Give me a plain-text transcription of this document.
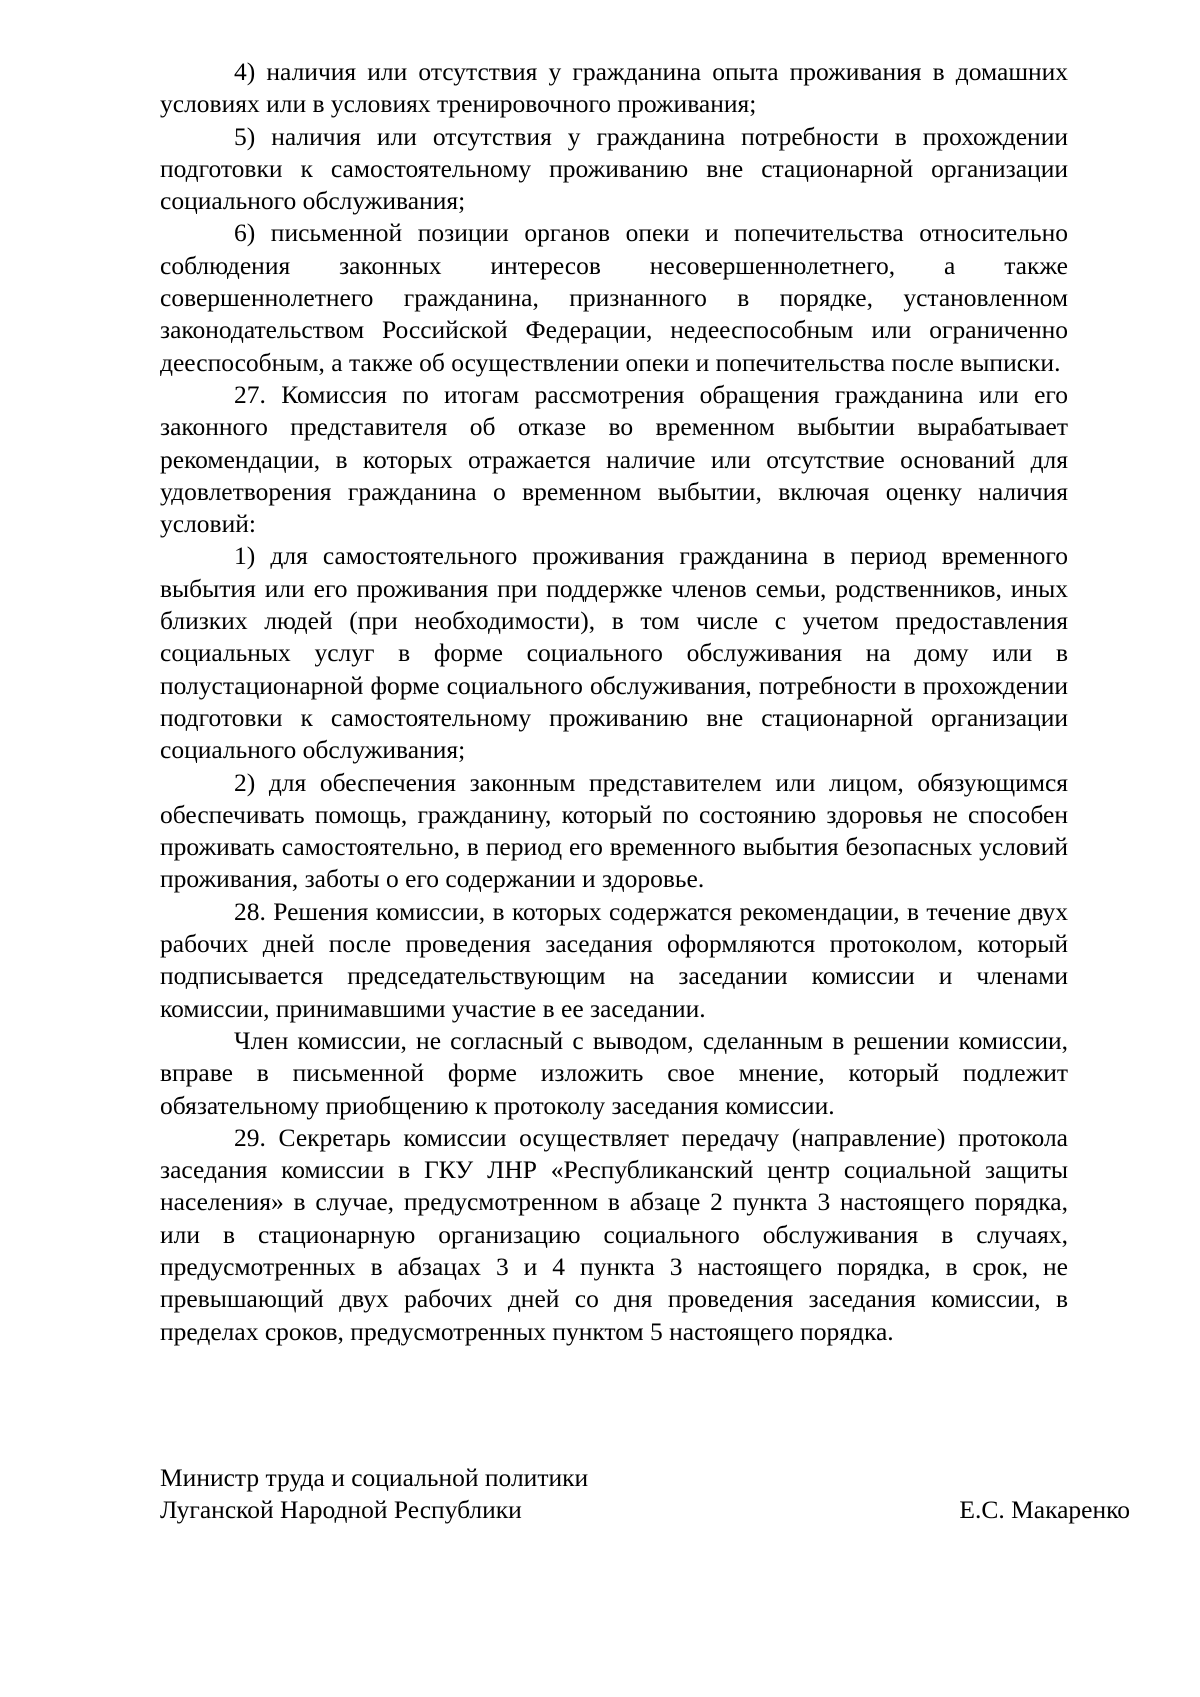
4) наличия или отсутствия у гражданина опыта проживания в домашних условиях или в условиях тренировочного проживания;

5) наличия или отсутствия у гражданина потребности в прохождении подготовки к самостоятельному проживанию вне стационарной организации социального обслуживания;

6) письменной позиции органов опеки и попечительства относительно соблюдения законных интересов несовершеннолетнего, а также совершеннолетнего гражданина, признанного в порядке, установленном законодательством Российской Федерации, недееспособным или ограниченно дееспособным, а также об осуществлении опеки и попечительства после выписки.

27. Комиссия по итогам рассмотрения обращения гражданина или его законного представителя об отказе во временном выбытии вырабатывает рекомендации, в которых отражается наличие или отсутствие оснований для удовлетворения гражданина о временном выбытии, включая оценку наличия условий:

1) для самостоятельного проживания гражданина в период временного выбытия или его проживания при поддержке членов семьи, родственников, иных близких людей (при необходимости), в том числе с учетом предоставления социальных услуг в форме социального обслуживания на дому или в полустационарной форме социального обслуживания, потребности в прохождении подготовки к самостоятельному проживанию вне стационарной организации социального обслуживания;

2) для обеспечения законным представителем или лицом, обязующимся обеспечивать помощь, гражданину, который по состоянию здоровья не способен проживать самостоятельно, в период его временного выбытия безопасных условий проживания, заботы о его содержании и здоровье.

28. Решения комиссии, в которых содержатся рекомендации, в течение двух рабочих дней после проведения заседания оформляются протоколом, который подписывается председательствующим на заседании комиссии и членами комиссии, принимавшими участие в ее заседании.

Член комиссии, не согласный с выводом, сделанным в решении комиссии, вправе в письменной форме изложить свое мнение, который подлежит обязательному приобщению к протоколу заседания комиссии.

29. Секретарь комиссии осуществляет передачу (направление) протокола заседания комиссии в ГКУ ЛНР «Республиканский центр социальной защиты населения» в случае, предусмотренном в абзаце 2 пункта 3 настоящего порядка, или в стационарную организацию социального обслуживания в случаях, предусмотренных в абзацах 3 и 4 пункта 3 настоящего порядка, в срок, не превышающий двух рабочих дней со дня проведения заседания комиссии, в пределах сроков, предусмотренных пунктом 5 настоящего порядка.

Министр труда и социальной политики
Луганской Народной Республики	Е.С. Макаренко
